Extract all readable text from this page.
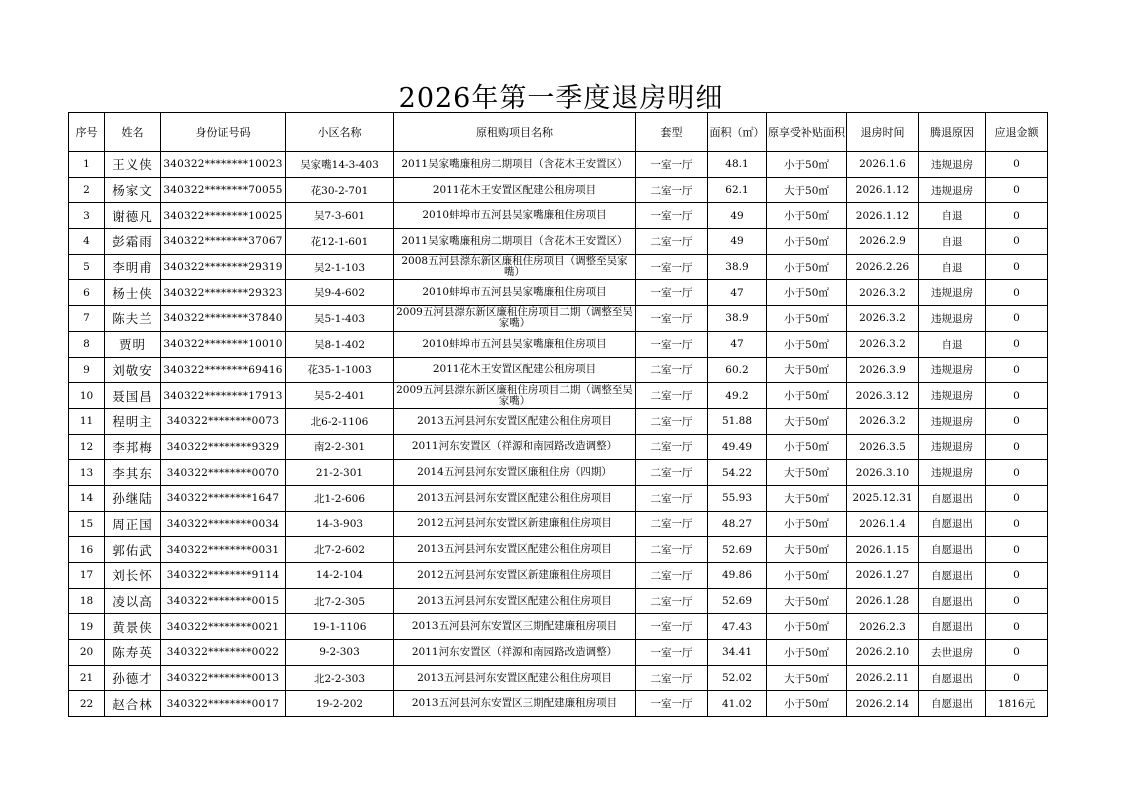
2026年第一季度退房明细
序号	姓名	身份证号码	小区名称	原租购项目名称	套型	面积（㎡）	原享受补贴面积	退房时间	腾退原因	应退金额
1	王义侠	340322********10023	吴家嘴14-3-403	2011吴家嘴廉租房二期项目（含花木王安置区）	一室一厅	48.1	小于50㎡	2026.1.6	违规退房	0
2	杨家文	340322********70055	花30-2-701	2011花木王安置区配建公租房项目	二室一厅	62.1	大于50㎡	2026.1.12	违规退房	0
3	谢德凡	340322********10025	吴7-3-601	2010蚌埠市五河县吴家嘴廉租住房项目	一室一厅	49	小于50㎡	2026.1.12	自退	0
4	彭霜雨	340322********37067	花12-1-601	2011吴家嘴廉租房二期项目（含花木王安置区）	二室一厅	49	小于50㎡	2026.2.9	自退	0
5	李明甫	340322********29319	吴2-1-103	2008五河县漴东新区廉租住房项目（调整至吴家嘴）	一室一厅	38.9	小于50㎡	2026.2.26	自退	0
6	杨士侠	340322********29323	吴9-4-602	2010蚌埠市五河县吴家嘴廉租住房项目	一室一厅	47	小于50㎡	2026.3.2	违规退房	0
7	陈夫兰	340322********37840	吴5-1-403	2009五河县漴东新区廉租住房项目二期（调整至吴家嘴）	一室一厅	38.9	小于50㎡	2026.3.2	违规退房	0
8	贾明	340322********10010	吴8-1-402	2010蚌埠市五河县吴家嘴廉租住房项目	一室一厅	47	小于50㎡	2026.3.2	自退	0
9	刘敬安	340322********69416	花35-1-1003	2011花木王安置区配建公租房项目	二室一厅	60.2	大于50㎡	2026.3.9	违规退房	0
10	聂国昌	340322********17913	吴5-2-401	2009五河县漴东新区廉租住房项目二期（调整至吴家嘴）	二室一厅	49.2	小于50㎡	2026.3.12	违规退房	0
11	程明主	340322********0073	北6-2-1106	2013五河县河东安置区配建公租住房项目	二室一厅	51.88	大于50㎡	2026.3.2	违规退房	0
12	李邦梅	340322********9329	南2-2-301	2011河东安置区（祥源和南园路改造调整）	二室一厅	49.49	小于50㎡	2026.3.5	违规退房	0
13	李其东	340322********0070	21-2-301	2014五河县河东安置区廉租住房（四期）	二室一厅	54.22	大于50㎡	2026.3.10	违规退房	0
14	孙继陆	340322********1647	北1-2-606	2013五河县河东安置区配建公租住房项目	二室一厅	55.93	大于50㎡	2025.12.31	自愿退出	0
15	周正国	340322********0034	14-3-903	2012五河县河东安置区新建廉租住房项目	二室一厅	48.27	小于50㎡	2026.1.4	自愿退出	0
16	郭佑武	340322********0031	北7-2-602	2013五河县河东安置区配建公租住房项目	二室一厅	52.69	大于50㎡	2026.1.15	自愿退出	0
17	刘长怀	340322********9114	14-2-104	2012五河县河东安置区新建廉租住房项目	二室一厅	49.86	小于50㎡	2026.1.27	自愿退出	0
18	凌以高	340322********0015	北7-2-305	2013五河县河东安置区配建公租住房项目	二室一厅	52.69	大于50㎡	2026.1.28	自愿退出	0
19	黄景侠	340322********0021	19-1-1106	2013五河县河东安置区三期配建廉租房项目	一室一厅	47.43	小于50㎡	2026.2.3	自愿退出	0
20	陈寿英	340322********0022	9-2-303	2011河东安置区（祥源和南园路改造调整）	一室一厅	34.41	小于50㎡	2026.2.10	去世退房	0
21	孙德才	340322********0013	北2-2-303	2013五河县河东安置区配建公租住房项目	二室一厅	52.02	大于50㎡	2026.2.11	自愿退出	0
22	赵合林	340322********0017	19-2-202	2013五河县河东安置区三期配建廉租房项目	一室一厅	41.02	小于50㎡	2026.2.14	自愿退出	1816元
